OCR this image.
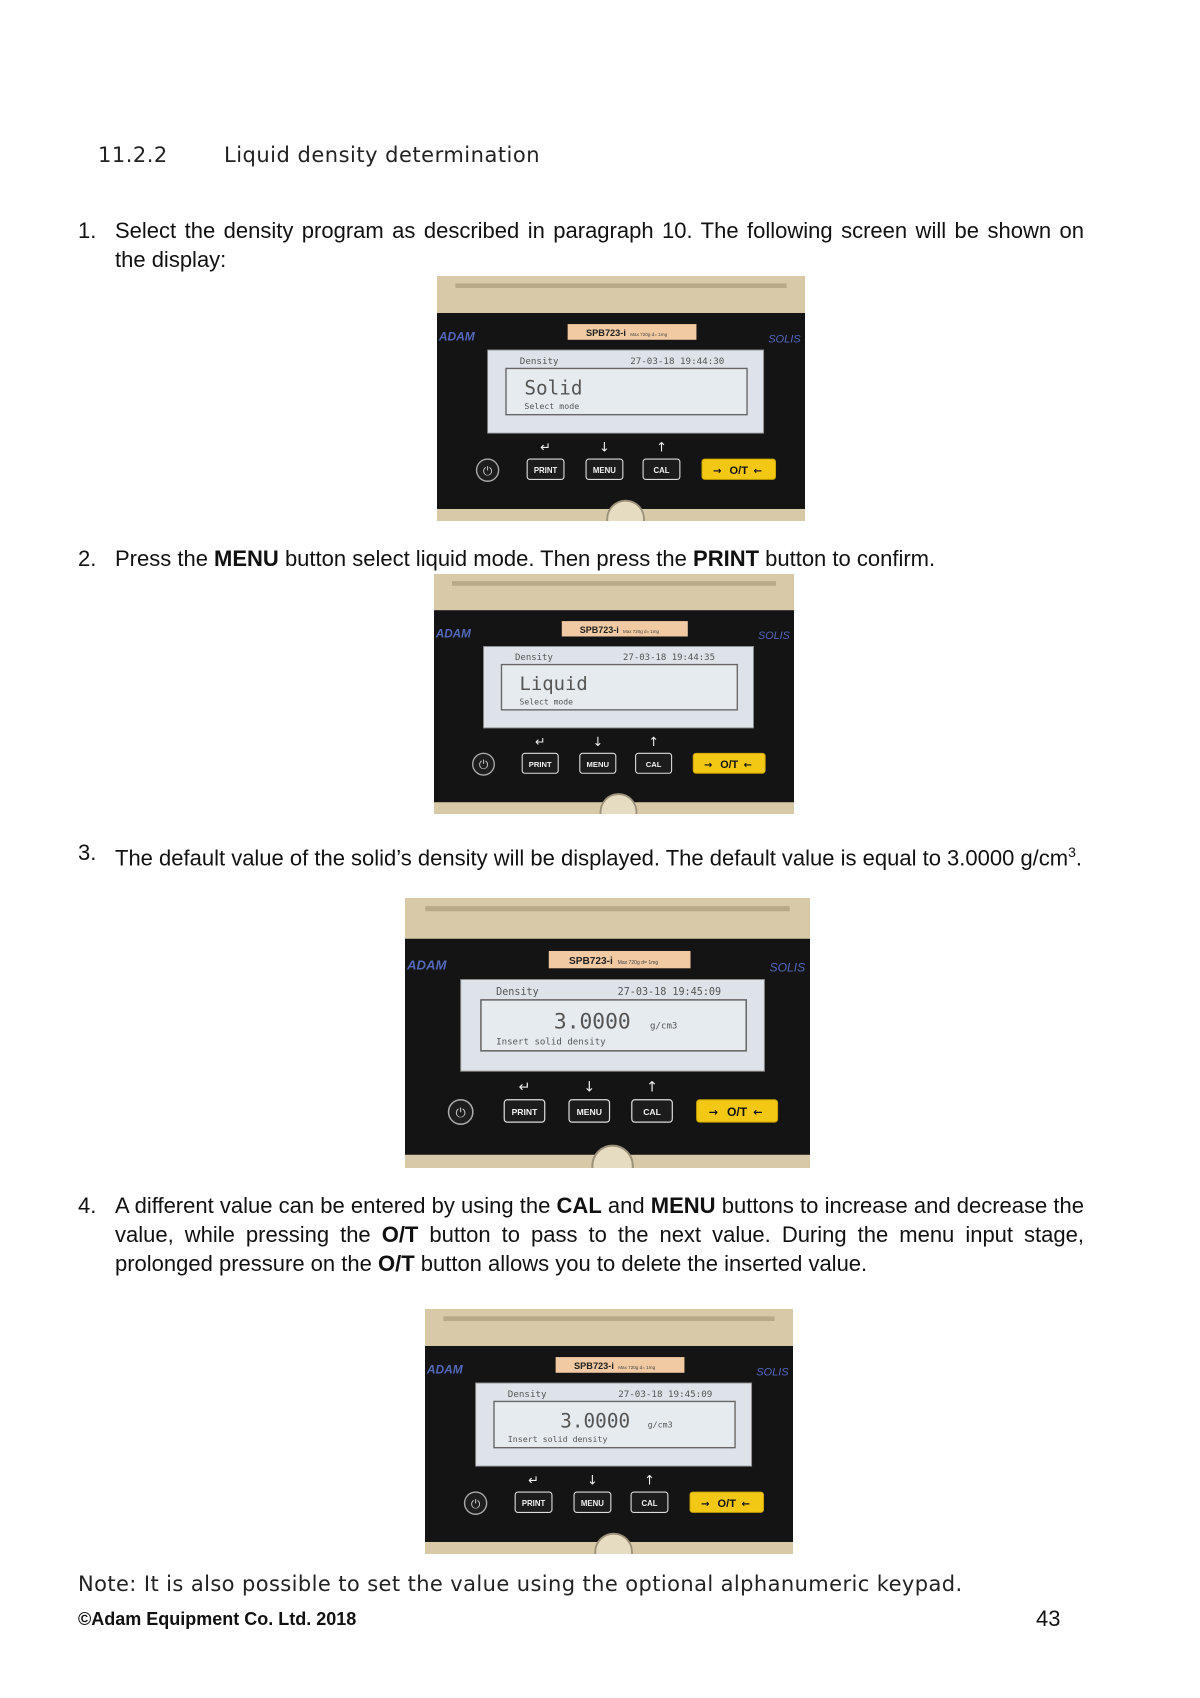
11.2.2	Liquid density determination
1. Select the density program as described in paragraph 10. The following screen will be shown on the display:
ADAM	SPB723-i Max 720g d= 1mg	SOLIS
Density	27-03-18 19:44:30
Solid
Select mode
↵	↓	↑
⏻	PRINT	MENU	CAL	→ O/T ←
2. Press the MENU button select liquid mode. Then press the PRINT button to confirm.
ADAM	SPB723-i Max 720g d= 1mg	SOLIS
Density	27-03-18 19:44:35
Liquid
Select mode
↵	↓	↑
⏻	PRINT	MENU	CAL	→ O/T ←
3. The default value of the solid’s density will be displayed. The default value is equal to 3.0000 $g/cm^3$.
ADAM	SPB723-i Max 720g d= 1mg	SOLIS
Density	27-03-18 19:45:09
3.0000 g/cm3
Insert solid density
↵	↓	↑
⏻	PRINT	MENU	CAL	→ O/T ←
4. A different value can be entered by using the CAL and MENU buttons to increase and decrease the value, while pressing the O/T button to pass to the next value. During the menu input stage, prolonged pressure on the O/T button allows you to delete the inserted value.
ADAM	SPB723-i Max 720g d= 1mg	SOLIS
Density	27-03-18 19:45:09
3.0000 g/cm3
Insert solid density
↵	↓	↑
⏻	PRINT	MENU	CAL	→ O/T ←
Note: It is also possible to set the value using the optional alphanumeric keypad.
©Adam Equipment Co. Ltd. 2018	43
